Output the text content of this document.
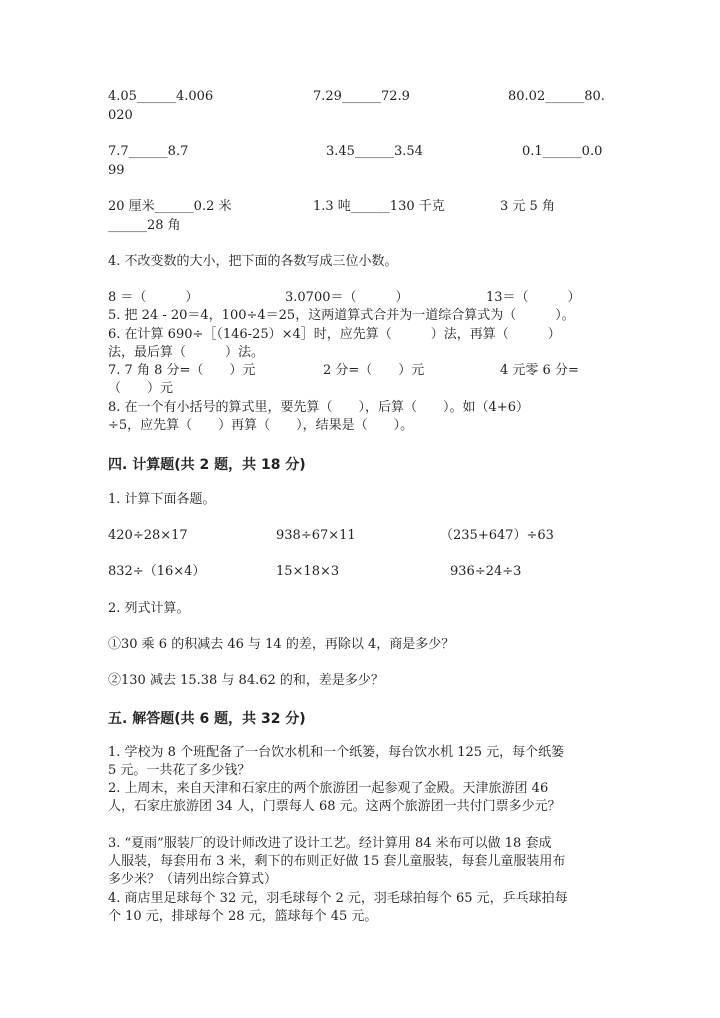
4.05______4.006	7.29______72.9	80.02______80.
020
7.7______8.7	3.45______3.54	0.1______0.0
99
20 厘米______0.2 米	1.3 吨______130 千克	3 元 5 角
______28 角
4. 不改变数的大小，把下面的各数写成三位小数。
8 ＝（　　　）	3.0700＝（　　　）	13＝（　　　）
5. 把 24 - 20＝4，100÷4＝25，这两道算式合并为一道综合算式为（　　　）。
6. 在计算 690÷［（146-25）×4］时，应先算（　　　）法，再算（　　　）
法，最后算（　　　）法。
7. 7 角 8 分=（　　）元	2 分=（　　）元	4 元零 6 分=
（　　）元
8. 在一个有小括号的算式里，要先算（　　），后算（　　）。如（4+6）
÷5，应先算（　　）再算（　　），结果是（　　）。
四. 计算题(共 2 题，共 18 分)
1. 计算下面各题。
420÷28×17	938÷67×11	（235+647）÷63
832÷（16×4）	15×18×3	936÷24÷3
2. 列式计算。
①30 乘 6 的积减去 46 与 14 的差，再除以 4，商是多少？
②130 减去 15.38 与 84.62 的和，差是多少？
五. 解答题(共 6 题，共 32 分)
1. 学校为 8 个班配备了一台饮水机和一个纸篓，每台饮水机 125 元，每个纸篓
5 元。一共花了多少钱？
2. 上周末，来自天津和石家庄的两个旅游团一起参观了金殿。天津旅游团 46
人，石家庄旅游团 34 人，门票每人 68 元。这两个旅游团一共付门票多少元？
3. “夏雨”服装厂的设计师改进了设计工艺。经计算用 84 米布可以做 18 套成
人服装，每套用布 3 米，剩下的布则正好做 15 套儿童服装，每套儿童服装用布
多少米？（请列出综合算式）
4. 商店里足球每个 32 元，羽毛球每个 2 元，羽毛球拍每个 65 元，乒乓球拍每
个 10 元，排球每个 28 元，篮球每个 45 元。
